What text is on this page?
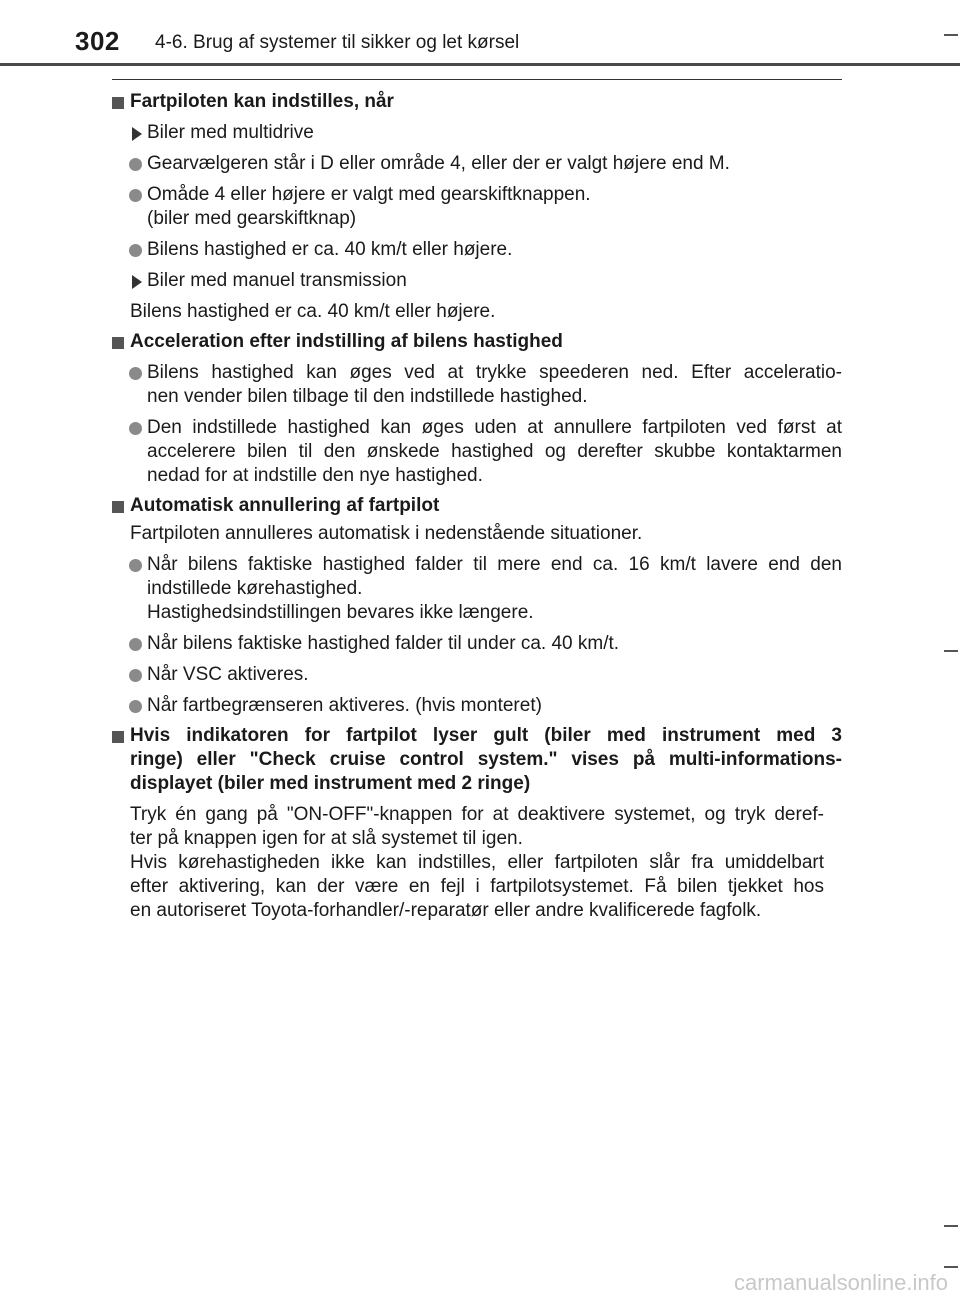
302 4-6. Brug af systemer til sikker og let kørsel
Fartpiloten kan indstilles, når
Biler med multidrive
Gearvælgeren står i D eller område 4, eller der er valgt højere end M.
Omåde 4 eller højere er valgt med gearskiftknappen.
(biler med gearskiftknap)
Bilens hastighed er ca. 40 km/t eller højere.
Biler med manuel transmission
Bilens hastighed er ca. 40 km/t eller højere.
Acceleration efter indstilling af bilens hastighed
Bilens hastighed kan øges ved at trykke speederen ned. Efter acceleratio-
nen vender bilen tilbage til den indstillede hastighed.
Den indstillede hastighed kan øges uden at annullere fartpiloten ved først at
accelerere bilen til den ønskede hastighed og derefter skubbe kontaktarmen
nedad for at indstille den nye hastighed.
Automatisk annullering af fartpilot
Fartpiloten annulleres automatisk i nedenstående situationer.
Når bilens faktiske hastighed falder til mere end ca. 16 km/t lavere end den
indstillede kørehastighed.
Hastighedsindstillingen bevares ikke længere.
Når bilens faktiske hastighed falder til under ca. 40 km/t.
Når VSC aktiveres.
Når fartbegrænseren aktiveres. (hvis monteret)
Hvis indikatoren for fartpilot lyser gult (biler med instrument med 3
ringe) eller "Check cruise control system." vises på multi-informations-
displayet (biler med instrument med 2 ringe)
Tryk én gang på "ON-OFF"-knappen for at deaktivere systemet, og tryk deref-
ter på knappen igen for at slå systemet til igen.
Hvis kørehastigheden ikke kan indstilles, eller fartpiloten slår fra umiddelbart
efter aktivering, kan der være en fejl i fartpilotsystemet. Få bilen tjekket hos
en autoriseret Toyota-forhandler/-reparatør eller andre kvalificerede fagfolk.
carmanualsonline.info
